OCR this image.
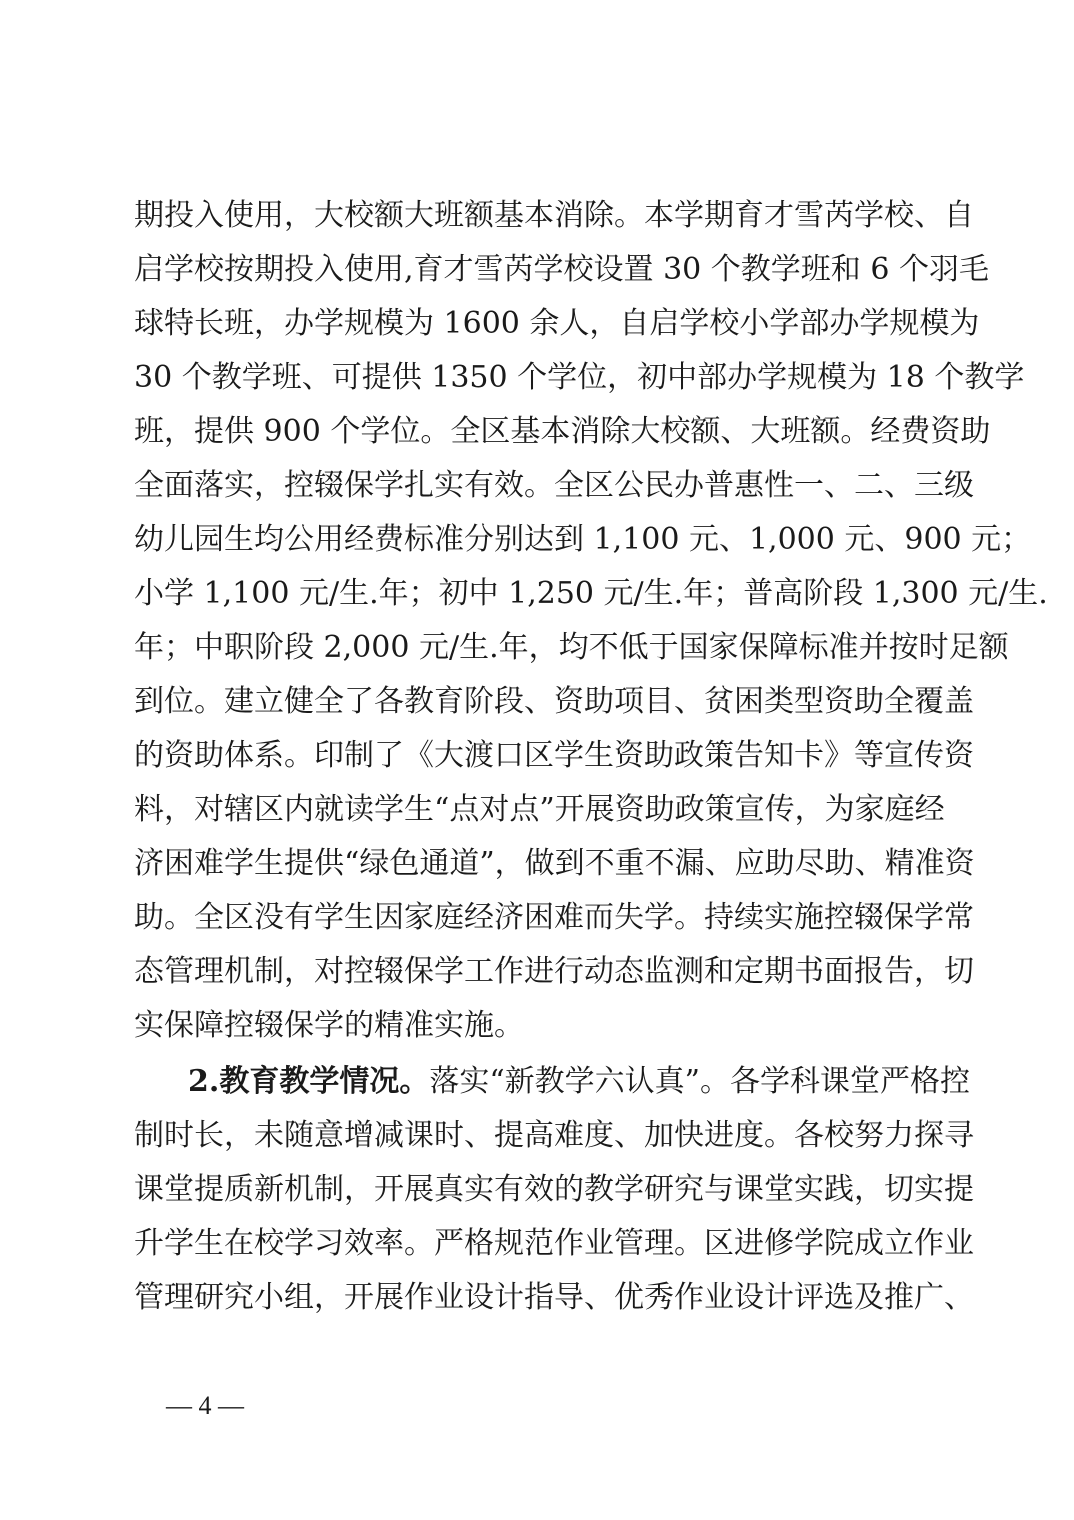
期投入使用，大校额大班额基本消除。本学期育才雪芮学校、自
启学校按期投入使用,育才雪芮学校设置 30 个教学班和 6 个羽毛
球特长班，办学规模为 1600 余人，自启学校小学部办学规模为
30 个教学班、可提供 1350 个学位，初中部办学规模为 18 个教学
班，提供 900 个学位。全区基本消除大校额、大班额。经费资助
全面落实，控辍保学扎实有效。全区公民办普惠性一、二、三级
幼儿园生均公用经费标准分别达到 1,100 元、1,000 元、900 元；
小学 1,100 元/生.年；初中 1,250 元/生.年；普高阶段 1,300 元/生.
年；中职阶段 2,000 元/生.年，均不低于国家保障标准并按时足额
到位。建立健全了各教育阶段、资助项目、贫困类型资助全覆盖
的资助体系。印制了《大渡口区学生资助政策告知卡》等宣传资
料，对辖区内就读学生“点对点”开展资助政策宣传，为家庭经
济困难学生提供“绿色通道”，做到不重不漏、应助尽助、精准资
助。全区没有学生因家庭经济困难而失学。持续实施控辍保学常
态管理机制，对控辍保学工作进行动态监测和定期书面报告，切
实保障控辍保学的精准实施。
2.教育教学情况。落实“新教学六认真”。各学科课堂严格控
制时长，未随意增减课时、提高难度、加快进度。各校努力探寻
课堂提质新机制，开展真实有效的教学研究与课堂实践，切实提
升学生在校学习效率。严格规范作业管理。区进修学院成立作业
管理研究小组，开展作业设计指导、优秀作业设计评选及推广、
— 4 —
